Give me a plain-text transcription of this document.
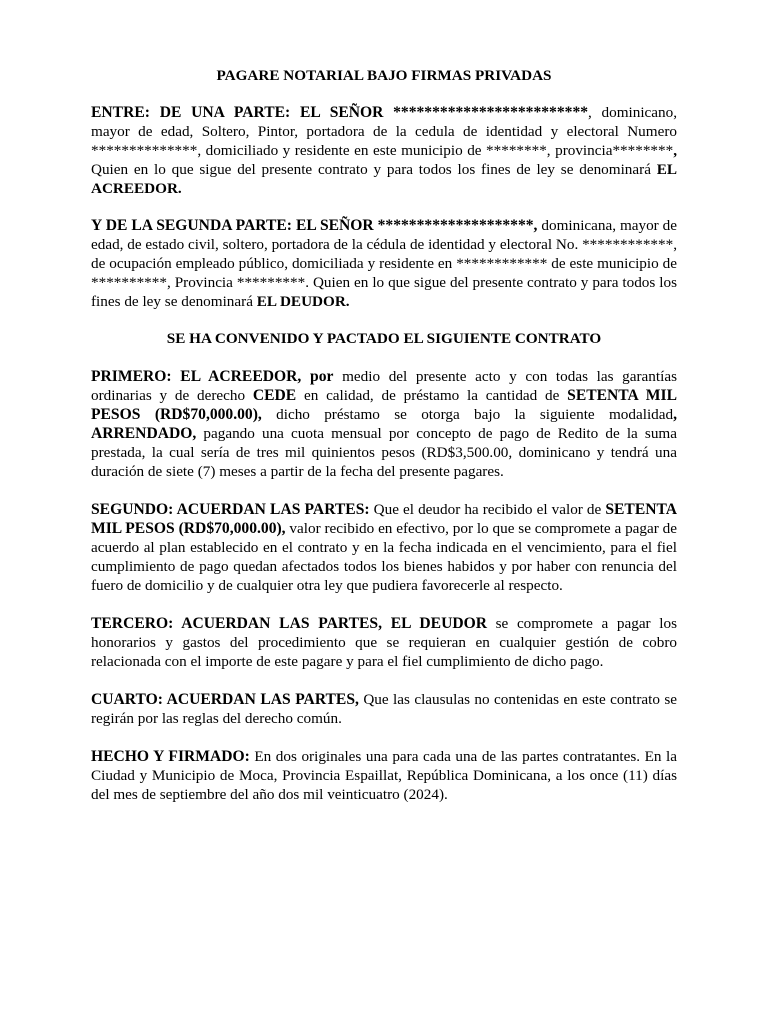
PAGARE NOTARIAL BAJO FIRMAS PRIVADAS
ENTRE: DE UNA PARTE: EL SEÑOR *************************, dominicano, mayor de edad, Soltero, Pintor, portadora de la cedula de identidad y electoral Numero **************, domiciliado y residente en este municipio de ********, provincia********, Quien en lo que sigue del presente contrato y para todos los fines de ley se denominará EL ACREEDOR.
Y DE LA SEGUNDA PARTE: EL SEÑOR ********************, dominicana, mayor de edad, de estado civil, soltero, portadora de la cédula de identidad y electoral No. ************, de ocupación empleado público, domiciliada y residente en ************ de este municipio de **********, Provincia *********. Quien en lo que sigue del presente contrato y para todos los fines de ley se denominará EL DEUDOR.
SE HA CONVENIDO Y PACTADO EL SIGUIENTE CONTRATO
PRIMERO: EL ACREEDOR, por medio del presente acto y con todas las garantías ordinarias y de derecho CEDE en calidad, de préstamo la cantidad de SETENTA MIL PESOS (RD$70,000.00), dicho préstamo se otorga bajo la siguiente modalidad, ARRENDADO, pagando una cuota mensual por concepto de pago de Redito de la suma prestada, la cual sería de tres mil quinientos pesos (RD$3,500.00, dominicano y tendrá una duración de siete (7) meses a partir de la fecha del presente pagares.
SEGUNDO: ACUERDAN LAS PARTES: Que el deudor ha recibido el valor de SETENTA MIL PESOS (RD$70,000.00), valor recibido en efectivo, por lo que se compromete a pagar de acuerdo al plan establecido en el contrato y en la fecha indicada en el vencimiento, para el fiel cumplimiento de pago quedan afectados todos los bienes habidos y por haber con renuncia del fuero de domicilio y de cualquier otra ley que pudiera favorecerle al respecto.
TERCERO: ACUERDAN LAS PARTES, EL DEUDOR se compromete a pagar los honorarios y gastos del procedimiento que se requieran en cualquier gestión de cobro relacionada con el importe de este pagare y para el fiel cumplimiento de dicho pago.
CUARTO: ACUERDAN LAS PARTES, Que las clausulas no contenidas en este contrato se regirán por las reglas del derecho común.
HECHO Y FIRMADO: En dos originales una para cada una de las partes contratantes. En la Ciudad y Municipio de Moca, Provincia Espaillat, República Dominicana, a los once (11) días del mes de septiembre del año dos mil veinticuatro (2024).
